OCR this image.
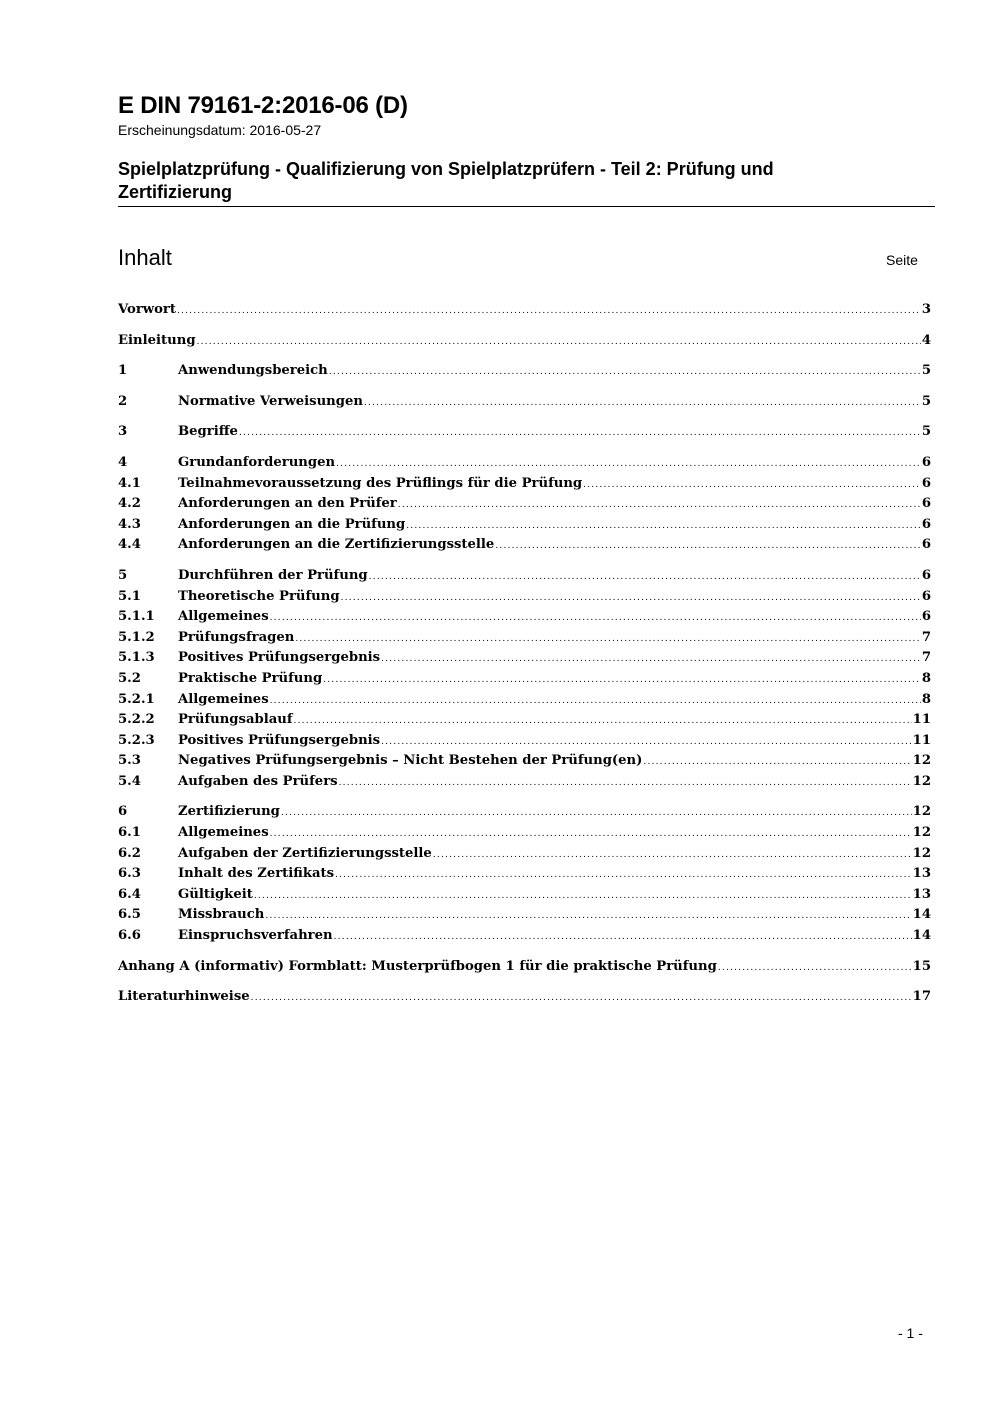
E DIN 79161-2:2016-06 (D)
Erscheinungsdatum: 2016-05-27
Spielplatzprüfung - Qualifizierung von Spielplatzprüfern - Teil 2: Prüfung und Zertifizierung
Inhalt	Seite
Vorwort .....	3
Einleitung .....	4
1	Anwendungsbereich .....	5
2	Normative Verweisungen .....	5
3	Begriffe .....	5
4	Grundanforderungen .....	6
4.1	Teilnahmevoraussetzung des Prüflings für die Prüfung .....	6
4.2	Anforderungen an den Prüfer .....	6
4.3	Anforderungen an die Prüfung .....	6
4.4	Anforderungen an die Zertifizierungsstelle .....	6
5	Durchführen der Prüfung .....	6
5.1	Theoretische Prüfung .....	6
5.1.1	Allgemeines .....	6
5.1.2	Prüfungsfragen .....	7
5.1.3	Positives Prüfungsergebnis .....	7
5.2	Praktische Prüfung .....	8
5.2.1	Allgemeines .....	8
5.2.2	Prüfungsablauf .....	11
5.2.3	Positives Prüfungsergebnis .....	11
5.3	Negatives Prüfungsergebnis – Nicht Bestehen der Prüfung(en) .....	12
5.4	Aufgaben des Prüfers .....	12
6	Zertifizierung .....	12
6.1	Allgemeines .....	12
6.2	Aufgaben der Zertifizierungsstelle .....	12
6.3	Inhalt des Zertifikats .....	13
6.4	Gültigkeit .....	13
6.5	Missbrauch .....	14
6.6	Einspruchsverfahren .....	14
Anhang A (informativ) Formblatt: Musterprüfbogen 1 für die praktische Prüfung .....	15
Literaturhinweise .....	17
- 1 -
